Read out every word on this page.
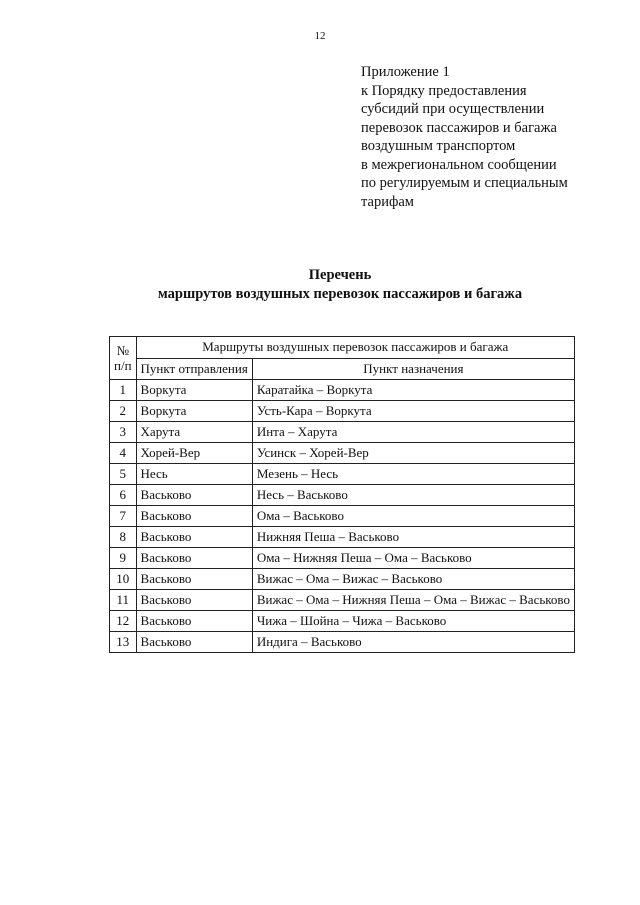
12
Приложение 1
к Порядку предоставления
субсидий при осуществлении
перевозок пассажиров и багажа
воздушным транспортом
в межрегиональном сообщении
по регулируемым и специальным
тарифам
Перечень
маршрутов воздушных перевозок пассажиров и багажа
№
п/п	Маршруты воздушных перевозок пассажиров и багажа	
	Пункт отправления	Пункт назначения
1	Воркута	Каратайка – Воркута
2	Воркута	Усть-Кара – Воркута
3	Харута	Инта – Харута
4	Хорей-Вер	Усинск – Хорей-Вер
5	Несь	Мезень – Несь
6	Васьково	Несь – Васьково
7	Васьково	Ома – Васьково
8	Васьково	Нижняя Пеша – Васьково
9	Васьково	Ома – Нижняя Пеша – Ома – Васьково
10	Васьково	Вижас – Ома – Вижас – Васьково
11	Васьково	Вижас – Ома – Нижняя Пеша – Ома – Вижас – Васьково
12	Васьково	Чижа – Шойна – Чижа – Васьково
13	Васьково	Индига – Васьково
